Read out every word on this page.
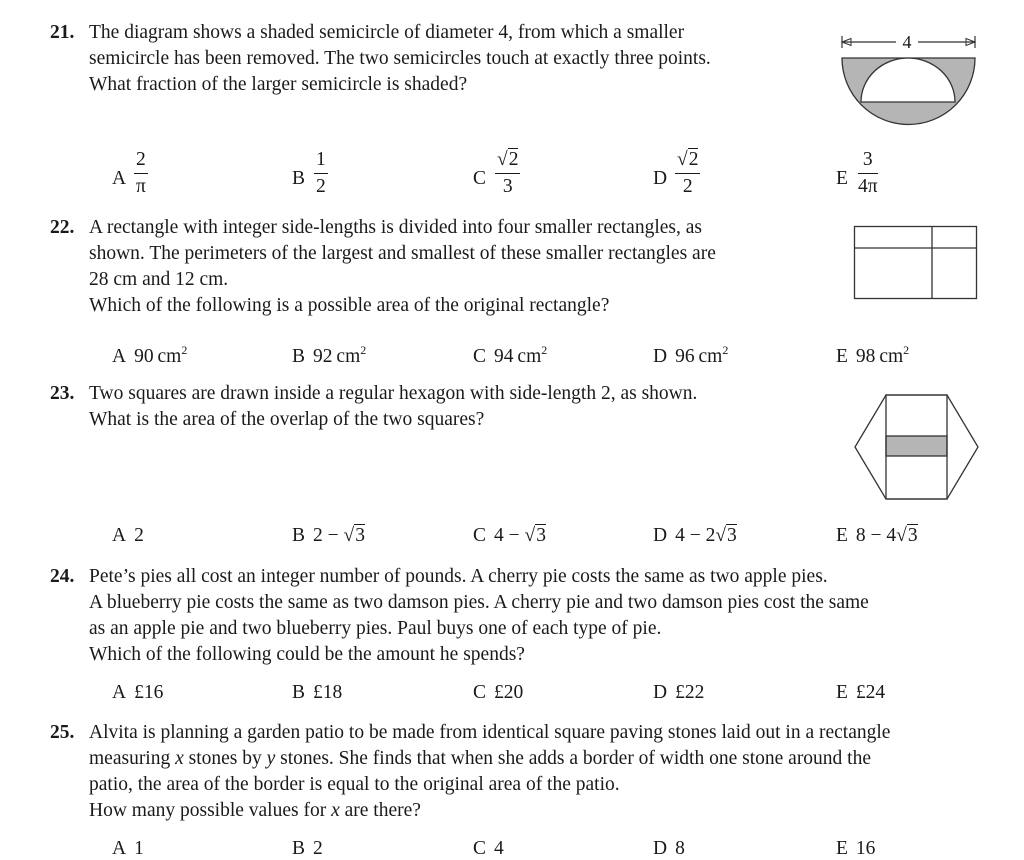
21. The diagram shows a shaded semicircle of diameter 4, from which a smaller
semicircle has been removed. The two semicircles touch at exactly three points.
What fraction of the larger semicircle is shaded?
4
A $\frac{2}{\pi}$	B $\frac{1}{2}$	C $\frac{√2}{3}$	D $\frac{√2}{2}$	E $\frac{3}{4\pi}$
22. A rectangle with integer side-lengths is divided into four smaller rectangles, as
shown. The perimeters of the largest and smallest of these smaller rectangles are
28 cm and 12 cm.
Which of the following is a possible area of the original rectangle?
A 90  $cm^2$	B 92  $cm^2$	C 94  $cm^2$	D 96  $cm^2$	E 98  $cm^2$
23. Two squares are drawn inside a regular hexagon with side-length 2, as shown.
What is the area of the overlap of the two squares?
A 2	B 2 − √3	C 4 − √3	D 4 − 2√3	E 8 − 4√3
24. Pete’s pies all cost an integer number of pounds. A cherry pie costs the same as two apple pies.
A blueberry pie costs the same as two damson pies. A cherry pie and two damson pies cost the same
as an apple pie and two blueberry pies. Paul buys one of each type of pie.
Which of the following could be the amount he spends?
A £16	B £18	C £20	D £22	E £24
25. Alvita is planning a garden patio to be made from identical square paving stones laid out in a rectangle
measuring x stones by y stones. She finds that when she adds a border of width one stone around the
patio, the area of the border is equal to the original area of the patio.
How many possible values for x are there?
A 1	B 2	C 4	D 8	E 16
